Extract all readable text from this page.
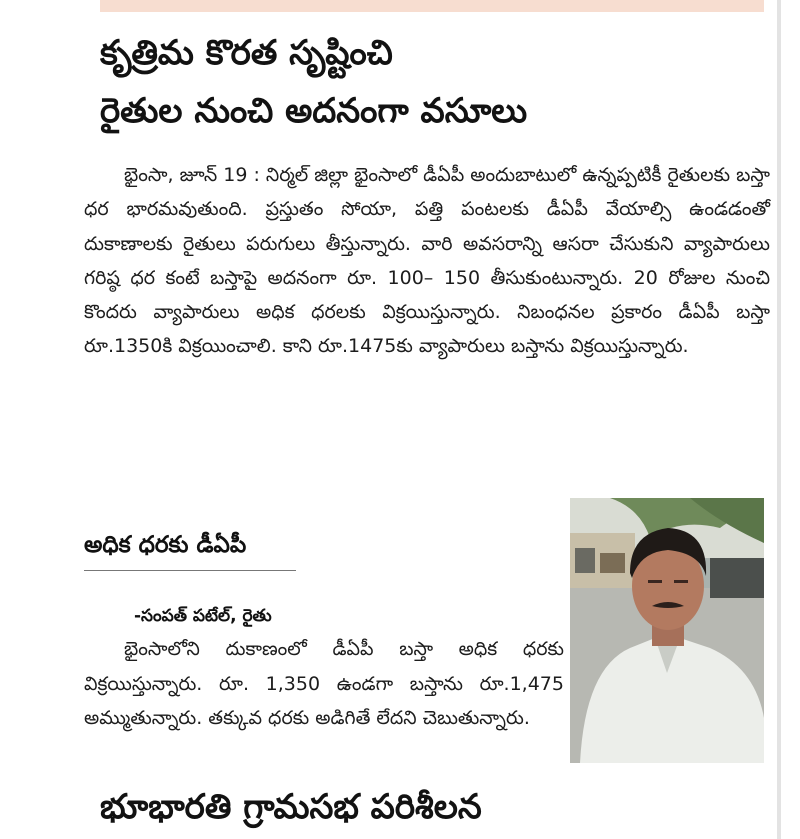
కృత్రిమ కొరత సృష్టించి
రైతుల నుంచి అదనంగా వసూలు
భైంసా, జూన్ 19 : నిర్మల్ జిల్లా భైంసాలో డీఏపీ అందుబాటులో ఉన్నప్పటికీ రైతులకు బస్తా ధర భారమవుతుంది. ప్రస్తుతం సోయా, పత్తి పంటలకు డీఏపీ వేయాల్సి ఉండడంతో దుకాణాలకు రైతులు పరుగులు తీస్తున్నారు. వారి అవసరాన్ని ఆసరా చేసుకుని వ్యాపారులు గరిష్ఠ ధర కంటే బస్తాపై అదనంగా రూ. 100– 150 తీసుకుంటున్నారు. 20 రోజుల నుంచి కొందరు వ్యాపారులు అధిక ధరలకు విక్రయిస్తున్నారు. నిబంధనల ప్రకారం డీఏపీ బస్తా రూ.1350కి విక్రయించాలి. కాని రూ.1475కు వ్యాపారులు బస్తాను విక్రయిస్తున్నారు.
అధిక ధరకు డీఏపీ
-సంపత్ పటేల్, రైతు
భైంసాలోని దుకాణంలో డీఏపీ బస్తా అధిక ధరకు విక్రయిస్తున్నారు. రూ. 1,350 ఉండగా బస్తాను రూ.1,475 అమ్ముతున్నారు. తక్కువ ధరకు అడిగితే లేదని చెబుతున్నారు.
భూభారతి గ్రామసభ పరిశీలన
